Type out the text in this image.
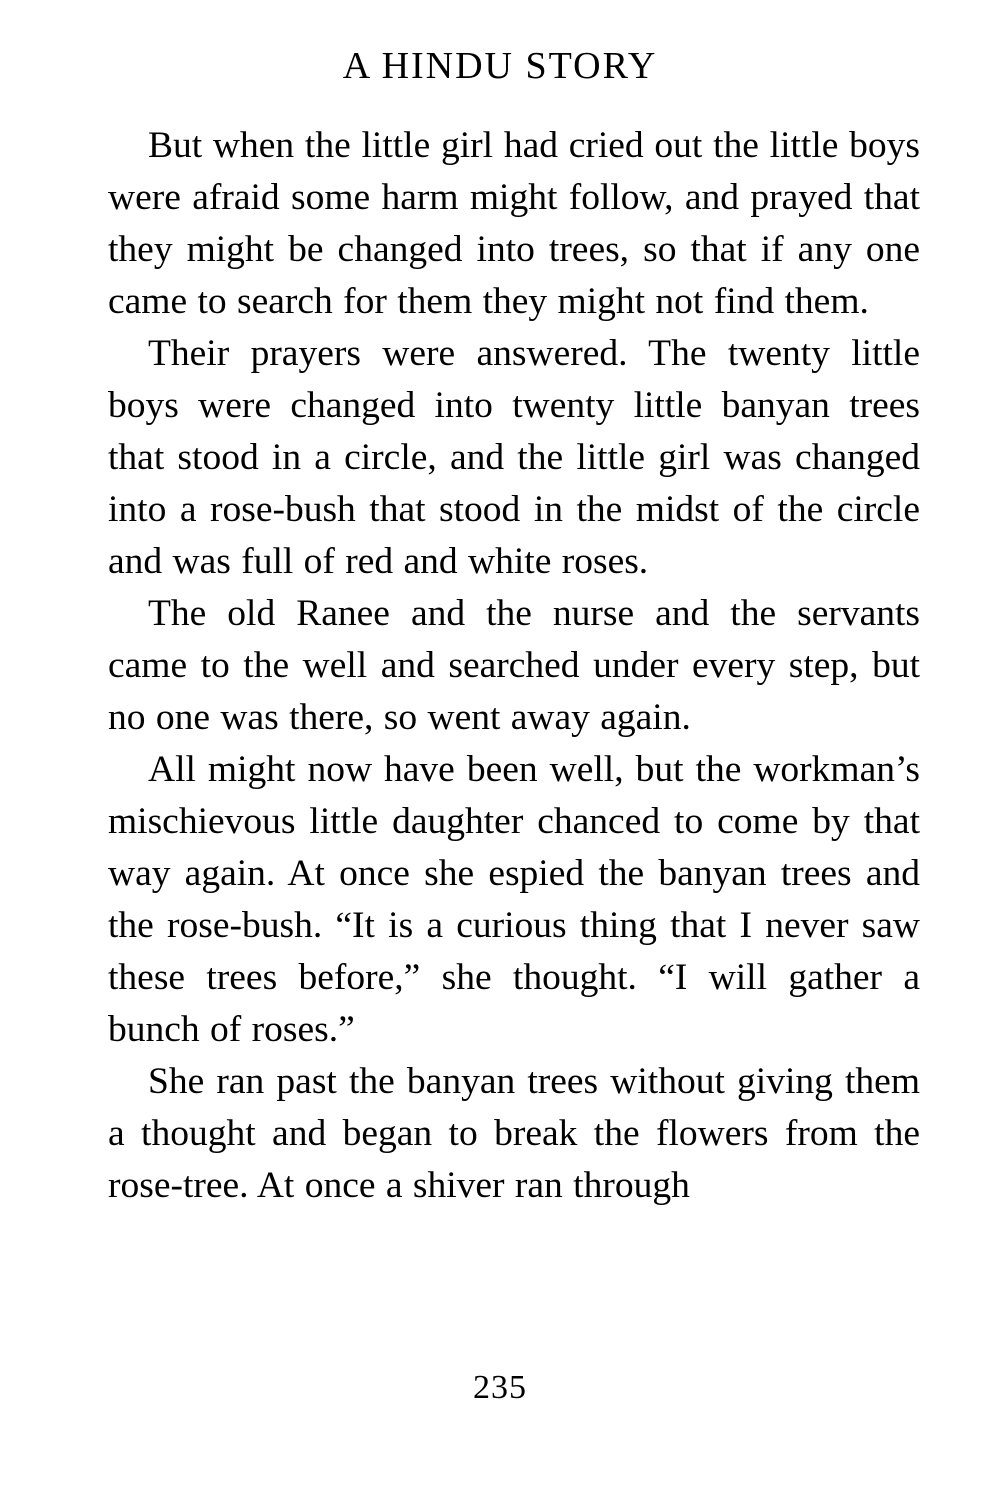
A HINDU STORY

But when the little girl had cried out the little boys were afraid some harm might follow, and prayed that they might be changed into trees, so that if any one came to search for them they might not find them.

Their prayers were answered. The twenty little boys were changed into twenty little banyan trees that stood in a circle, and the little girl was changed into a rose-bush that stood in the midst of the circle and was full of red and white roses.

The old Ranee and the nurse and the servants came to the well and searched under every step, but no one was there, so went away again.

All might now have been well, but the workman’s mischievous little daughter chanced to come by that way again. At once she espied the banyan trees and the rose-bush. “It is a curious thing that I never saw these trees before,” she thought. “I will gather a bunch of roses.”

She ran past the banyan trees without giving them a thought and began to break the flowers from the rose-tree. At once a shiver ran through

235
